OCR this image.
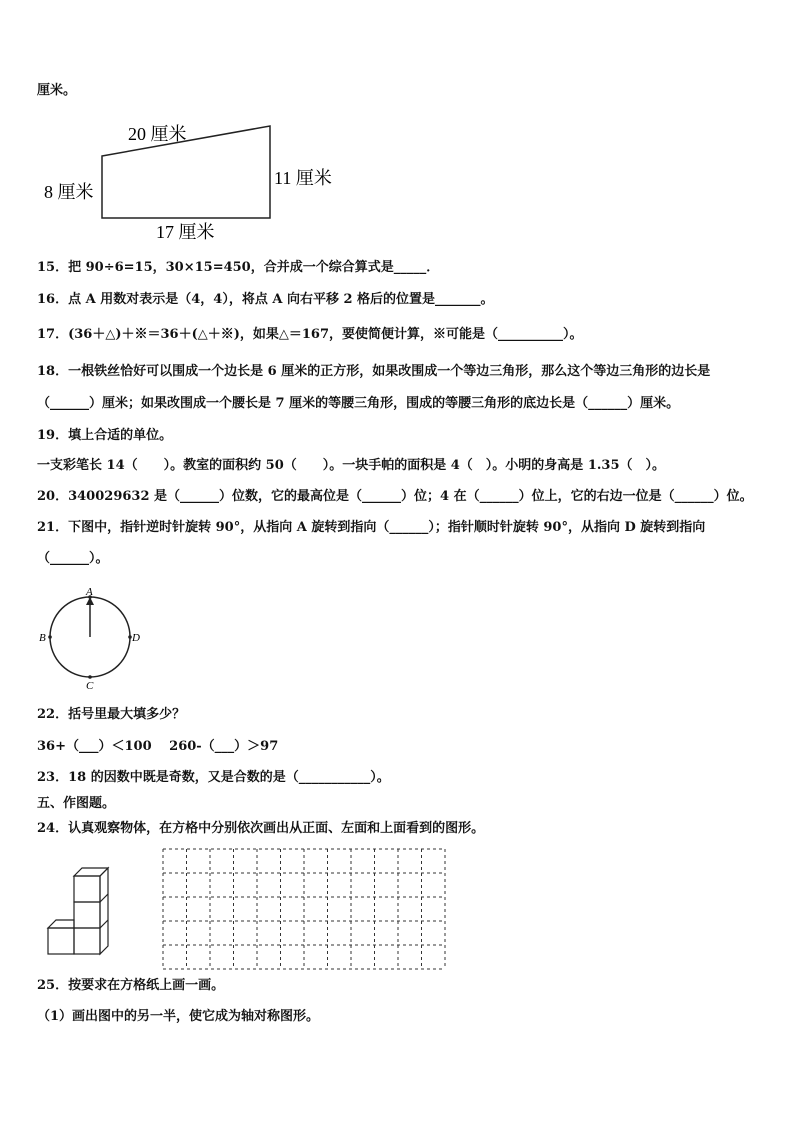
厘米。
20 厘米
8 厘米
11 厘米
17 厘米
15．把 90÷6=15，30×15=450，合并成一个综合算式是_____．
16．点 A 用数对表示是（4，4），将点 A 向右平移 2 格后的位置是_______。
17．(36＋△)＋※＝36＋(△＋※)，如果△＝167，要使简便计算，※可能是（__________）。
18．一根铁丝恰好可以围成一个边长是 6 厘米的正方形，如果改围成一个等边三角形，那么这个等边三角形的边长是
（______）厘米；如果改围成一个腰长是 7 厘米的等腰三角形，围成的等腰三角形的底边长是（______）厘米。
19．填上合适的单位。
一支彩笔长 14（　　）。教室的面积约 50（　　）。一块手帕的面积是 4（　）。小明的身高是 1.35（　）。
20．340029632 是（______）位数，它的最高位是（______）位；4 在（______）位上，它的右边一位是（______）位。
21．下图中，指针逆时针旋转 90°，从指向 A 旋转到指向（______）；指针顺时针旋转 90°，从指向 D 旋转到指向
（______）。
A
B	D
C
22．括号里最大填多少？
36+（___）＜100　 260-（___）＞97
23．18 的因数中既是奇数，又是合数的是（___________）。
五、作图题。
24．认真观察物体，在方格中分别依次画出从正面、左面和上面看到的图形。
25．按要求在方格纸上画一画。
（1）画出图中的另一半，使它成为轴对称图形。
